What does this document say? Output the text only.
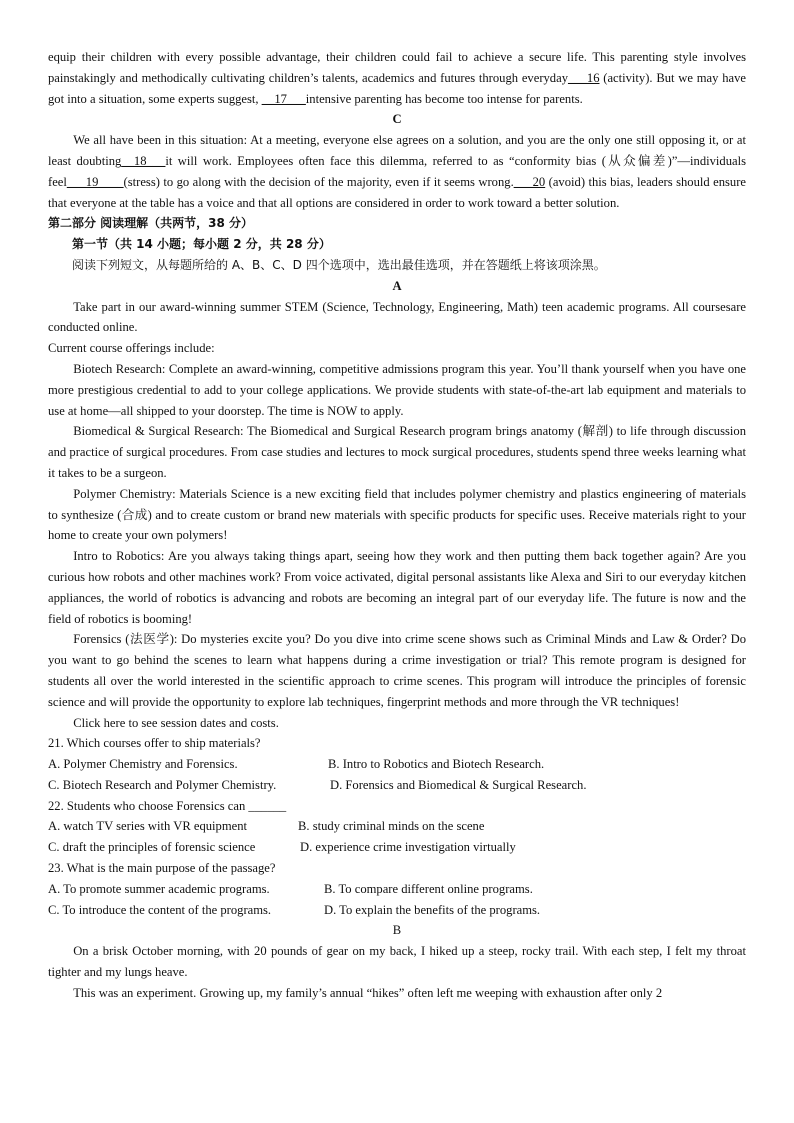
equip their children with every possible advantage, their children could fail to achieve a secure life. This parenting style involves painstakingly and methodically cultivating children’s talents, academics and futures through everyday___16 (activity). But we may have got into a situation, some experts suggest, __17___intensive parenting has become too intense for parents.

C

We all have been in this situation: At a meeting, everyone else agrees on a solution, and you are the only one still opposing it, or at least doubting__18___it will work. Employees often face this dilemma, referred to as “conformity bias (从众偏差)”—individuals feel___19____(stress) to go along with the decision of the majority, even if it seems wrong.___20 (avoid) this bias, leaders should ensure that everyone at the table has a voice and that all options are considered in order to work toward a better solution.

第二部分 阅读理解（共两节，38 分）

第一节（共 14 小题；每小题 2 分，共 28 分）

阅读下列短文，从每题所给的 A、B、C、D 四个选项中，选出最佳选项，并在答题纸上将该项涂黑。

A

Take part in our award-winning summer STEM (Science, Technology, Engineering, Math) teen academic programs. All coursesare conducted online.

Current course offerings include:

Biotech Research: Complete an award-winning, competitive admissions program this year. You’ll thank yourself when you have one more prestigious credential to add to your college applications. We provide students with state-of-the-art lab equipment and materials to use at home—all shipped to your doorstep. The time is NOW to apply.

Biomedical & Surgical Research: The Biomedical and Surgical Research program brings anatomy (解剖) to life through discussion and practice of surgical procedures. From case studies and lectures to mock surgical procedures, students spend three weeks learning what it takes to be a surgeon.

Polymer Chemistry: Materials Science is a new exciting field that includes polymer chemistry and plastics engineering of materials to synthesize (合成) and to create custom or brand new materials with specific products for specific uses. Receive materials right to your home to create your own polymers!

Intro to Robotics: Are you always taking things apart, seeing how they work and then putting them back together again? Are you curious how robots and other machines work? From voice activated, digital personal assistants like Alexa and Siri to our everyday kitchen appliances, the world of robotics is advancing and robots are becoming an integral part of our everyday life. The future is now and the field of robotics is booming!

Forensics (法医学): Do mysteries excite you? Do you dive into crime scene shows such as Criminal Minds and Law & Order? Do you want to go behind the scenes to learn what happens during a crime investigation or trial? This remote program is designed for students all over the world interested in the scientific approach to crime scenes. This program will introduce the principles of forensic science and will provide the opportunity to explore lab techniques, fingerprint methods and more through the VR techniques!

Click here to see session dates and costs.

21. Which courses offer to ship materials?

A. Polymer Chemistry and Forensics.	B. Intro to Robotics and Biotech Research.
C. Biotech Research and Polymer Chemistry.	D. Forensics and Biomedical & Surgical Research.

22. Students who choose Forensics can ______

A. watch TV series with VR equipment	B. study criminal minds on the scene
C. draft the principles of forensic science	D. experience crime investigation virtually

23. What is the main purpose of the passage?

A. To promote summer academic programs.	B. To compare different online programs.
C. To introduce the content of the programs.	D. To explain the benefits of the programs.

B

On a brisk October morning, with 20 pounds of gear on my back, I hiked up a steep, rocky trail. With each step, I felt my throat tighter and my lungs heave.

This was an experiment. Growing up, my family’s annual “hikes” often left me weeping with exhaustion after only 2
